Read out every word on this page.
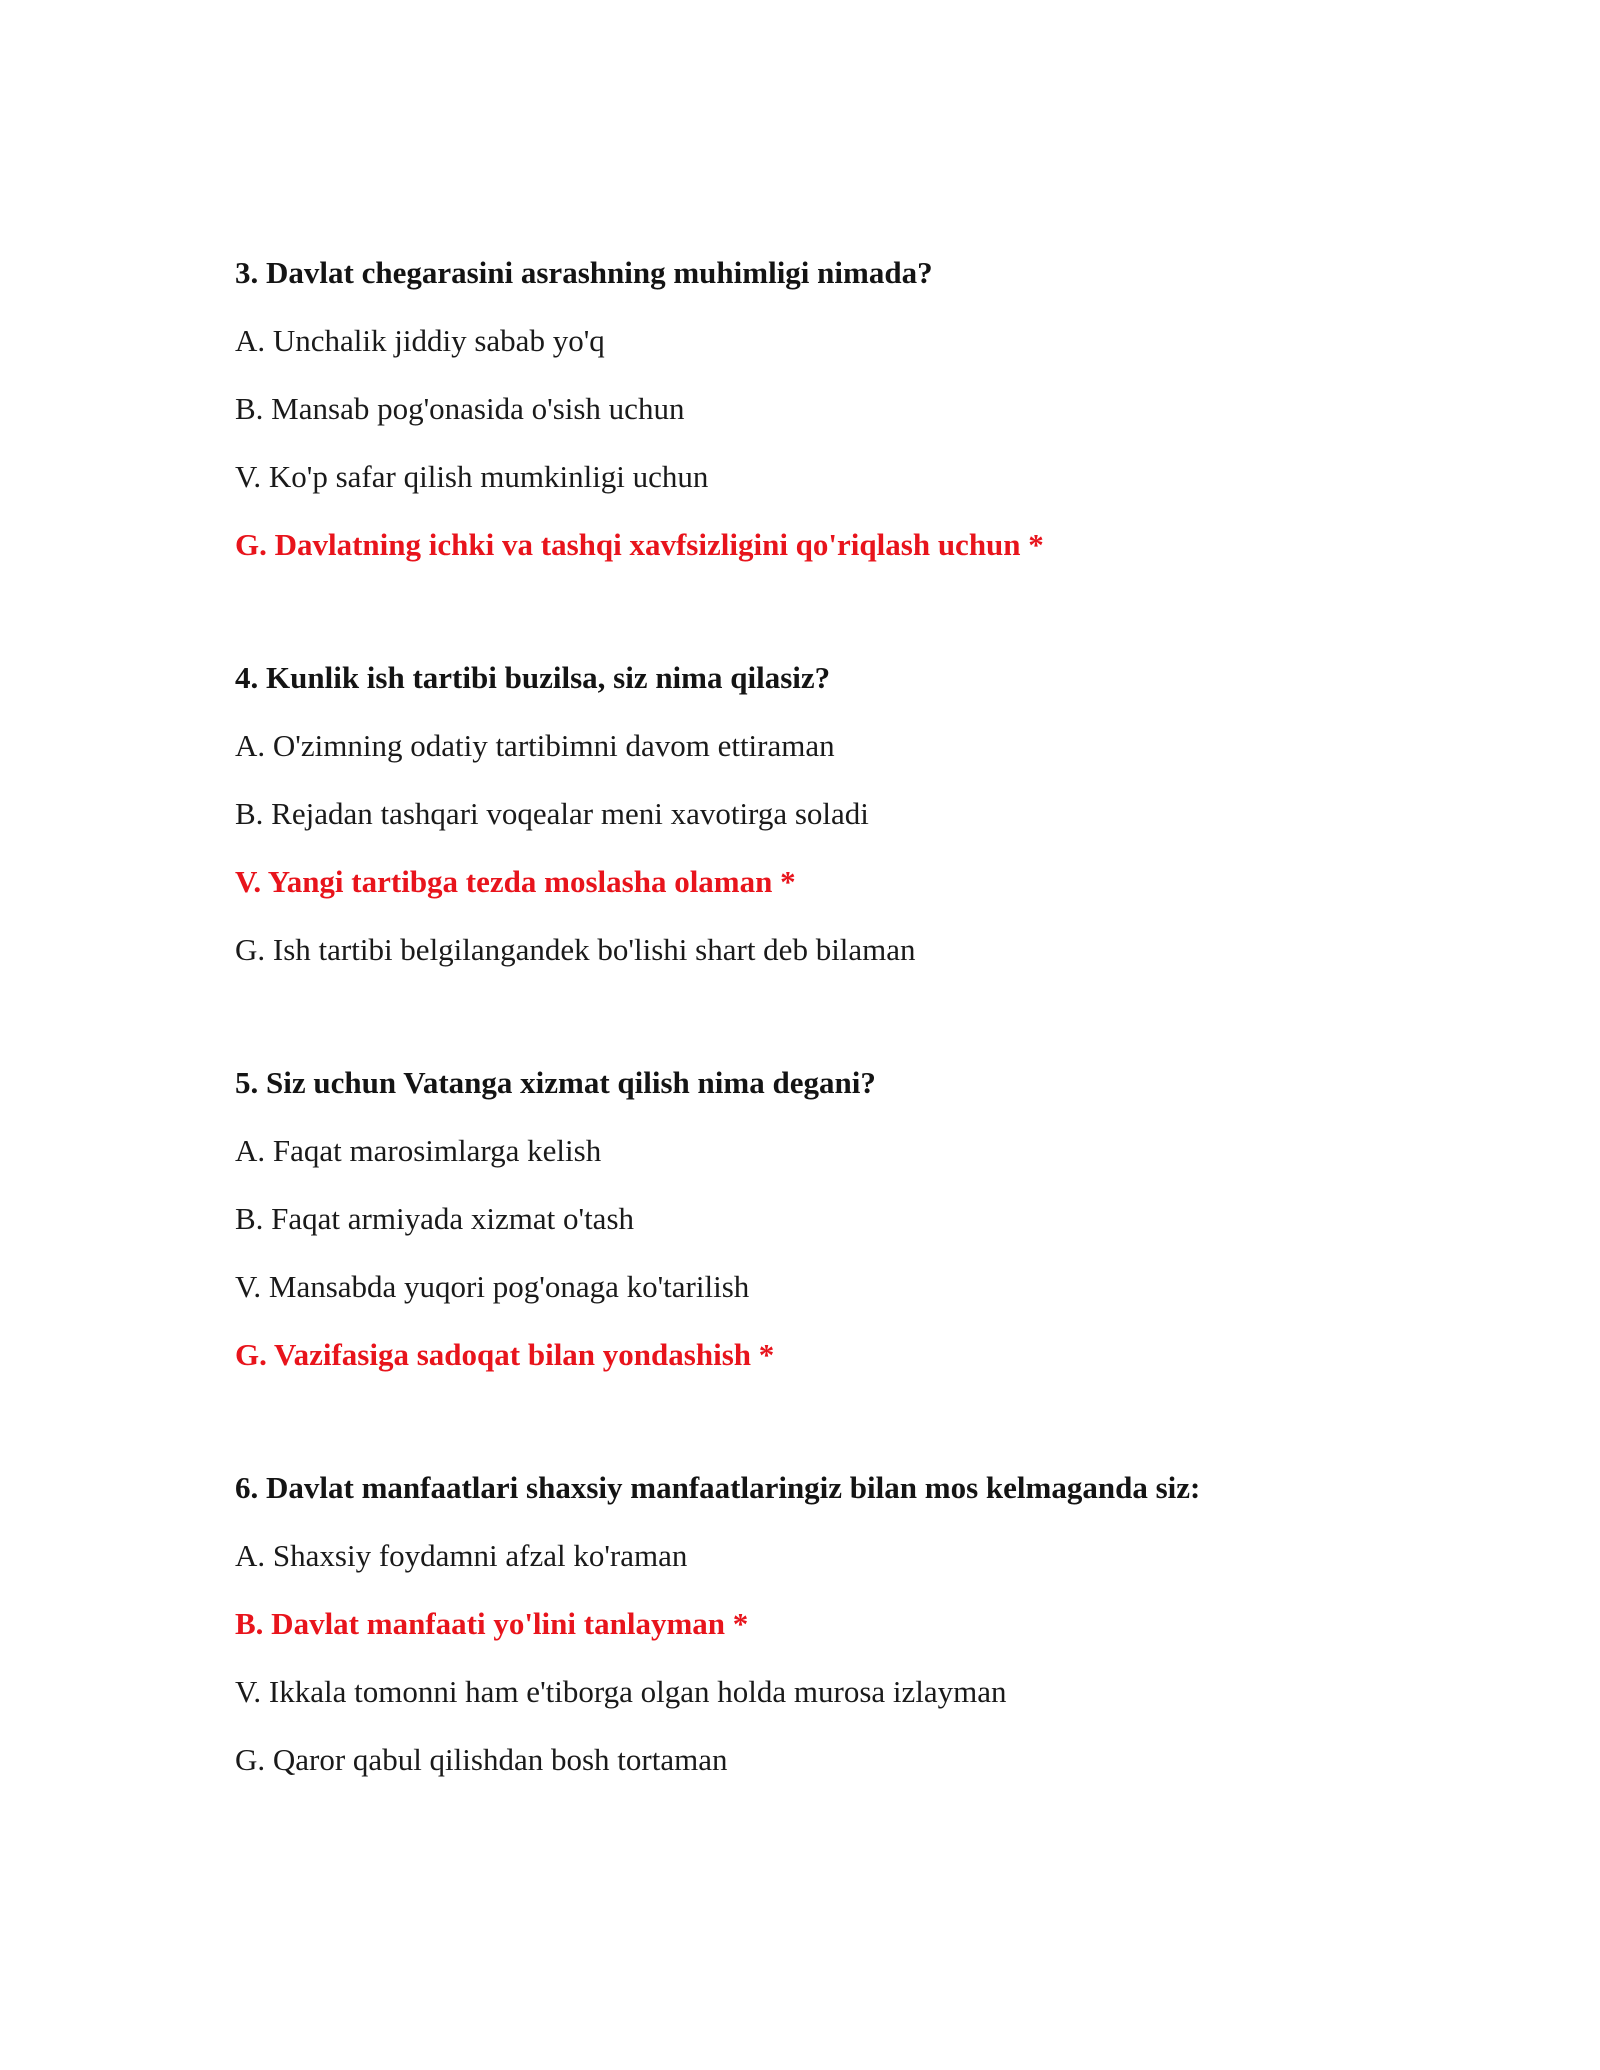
3. Davlat chegarasini asrashning muhimligi nimada?

A. Unchalik jiddiy sabab yo'q

B. Mansab pog'onasida o'sish uchun

V. Ko'p safar qilish mumkinligi uchun

G. Davlatning ichki va tashqi xavfsizligini qo'riqlash uchun *

4. Kunlik ish tartibi buzilsa, siz nima qilasiz?

A. O'zimning odatiy tartibimni davom ettiraman

B. Rejadan tashqari voqealar meni xavotirga soladi

V. Yangi tartibga tezda moslasha olaman *

G. Ish tartibi belgilangandek bo'lishi shart deb bilaman

5. Siz uchun Vatanga xizmat qilish nima degani?

A. Faqat marosimlarga kelish

B. Faqat armiyada xizmat o'tash

V. Mansabda yuqori pog'onaga ko'tarilish

G. Vazifasiga sadoqat bilan yondashish *

6. Davlat manfaatlari shaxsiy manfaatlaringiz bilan mos kelmaganda siz:

A. Shaxsiy foydamni afzal ko'raman

B. Davlat manfaati yo'lini tanlayman *

V. Ikkala tomonni ham e'tiborga olgan holda murosa izlayman

G. Qaror qabul qilishdan bosh tortaman
